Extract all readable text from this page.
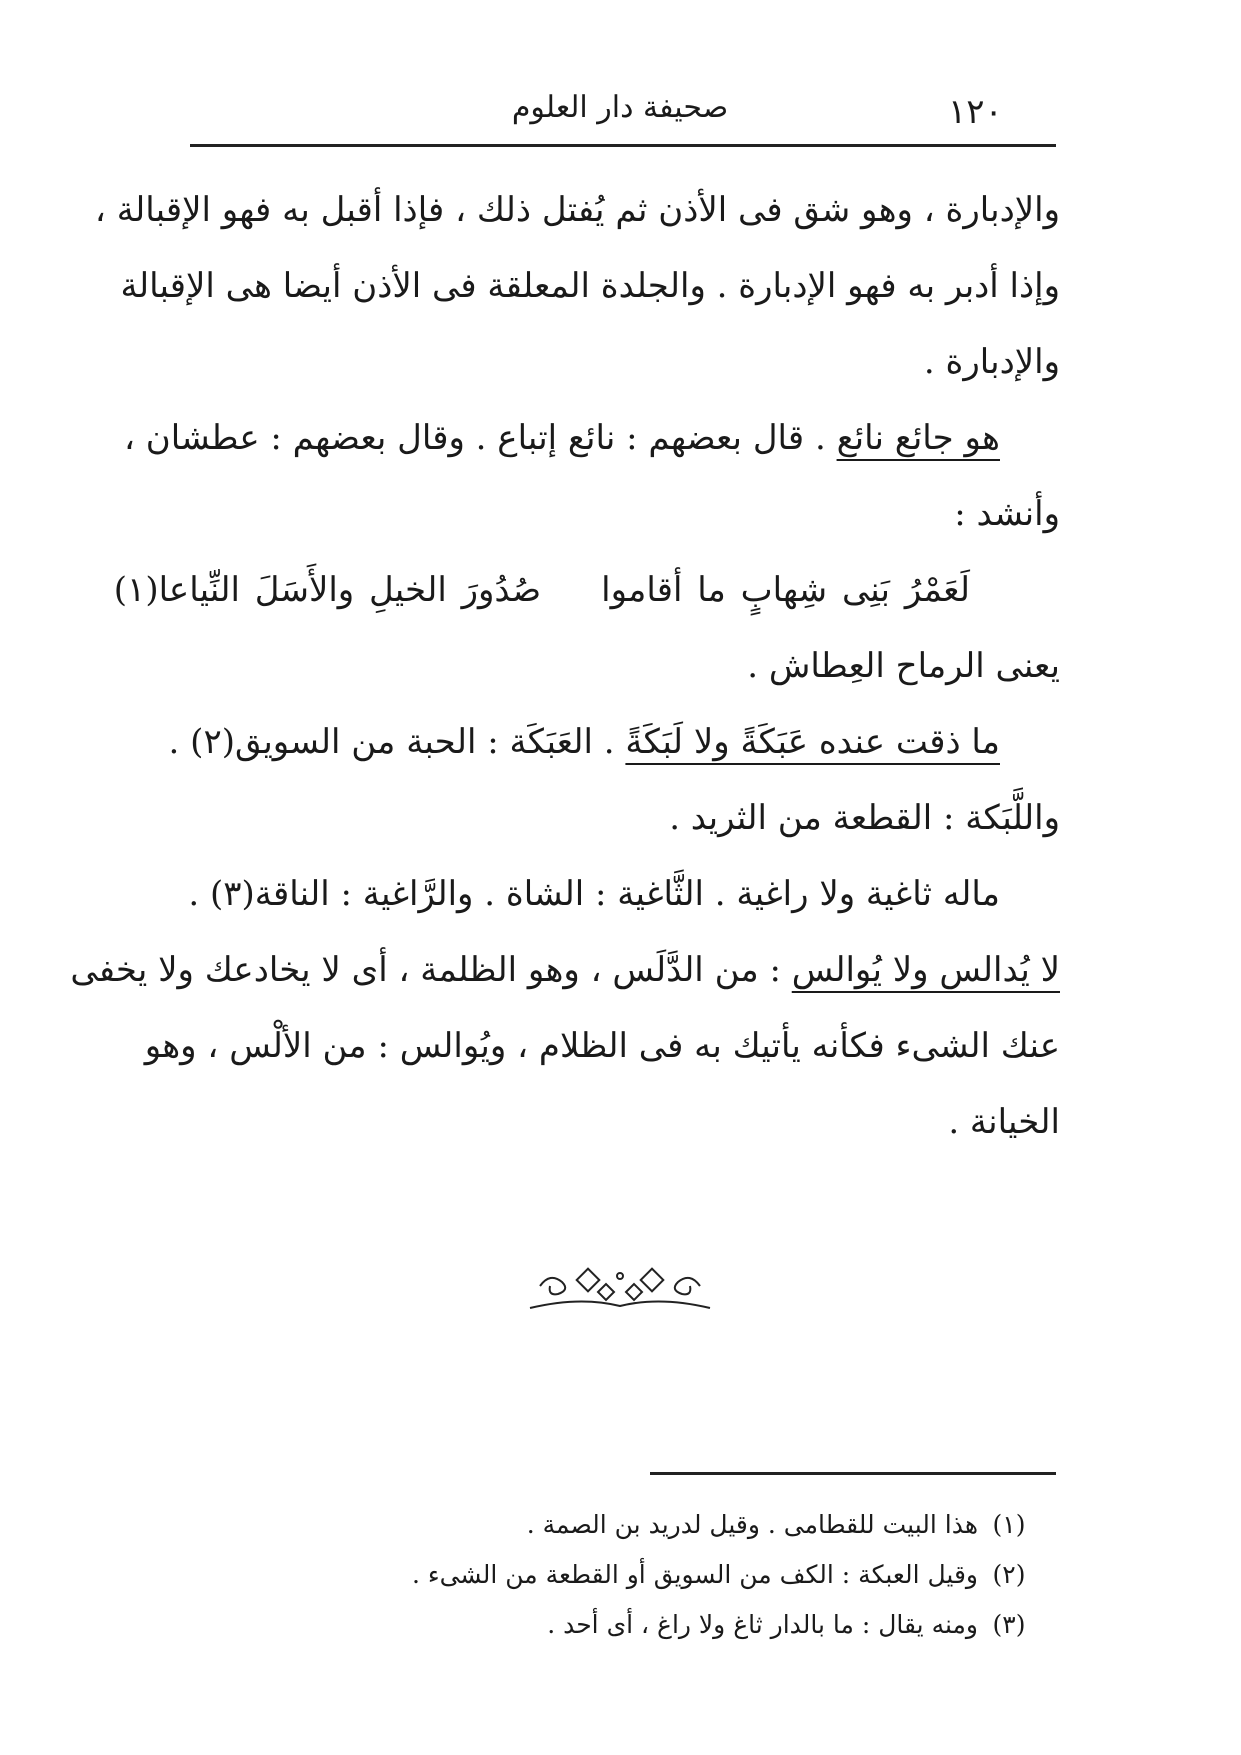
١٢٠
صحيفة دار العلوم
والإدبارة ، وهو شق فى الأذن ثم يُفتل ذلك ، فإذا أقبل به فهو الإقبالة ،
وإذا أدبر به فهو الإدبارة . والجلدة المعلقة فى الأذن أيضا هى الإقبالة
والإدبارة .
هو جائع نائع . قال بعضهم : نائع إتباع . وقال بعضهم : عطشان ،
وأنشد :
لَعَمْرُ بَنِى شِهابٍ ما أقامواصُدُورَ الخيلِ والأَسَلَ النِّياعا(١)
يعنى الرماح العِطاش .
ما ذقت عنده عَبَكَةً ولا لَبَكَةً . العَبَكَة : الحبة من السويق(٢) .
واللَّبَكة : القطعة من الثريد .
ماله ثاغية ولا راغية . الثَّاغية : الشاة . والرَّاغية : الناقة(٣) .
لا يُدالس ولا يُوالس : من الدَّلَس ، وهو الظلمة ، أى لا يخادعك ولا يخفى
عنك الشىء فكأنه يأتيك به فى الظلام ، ويُوالس : من الألْس ، وهو
الخيانة .
(١)هذا البيت للقطامى . وقيل لدريد بن الصمة .
(٢)وقيل العبكة : الكف من السويق أو القطعة من الشىء .
(٣)ومنه يقال : ما بالدار ثاغ ولا راغ ، أى أحد .
